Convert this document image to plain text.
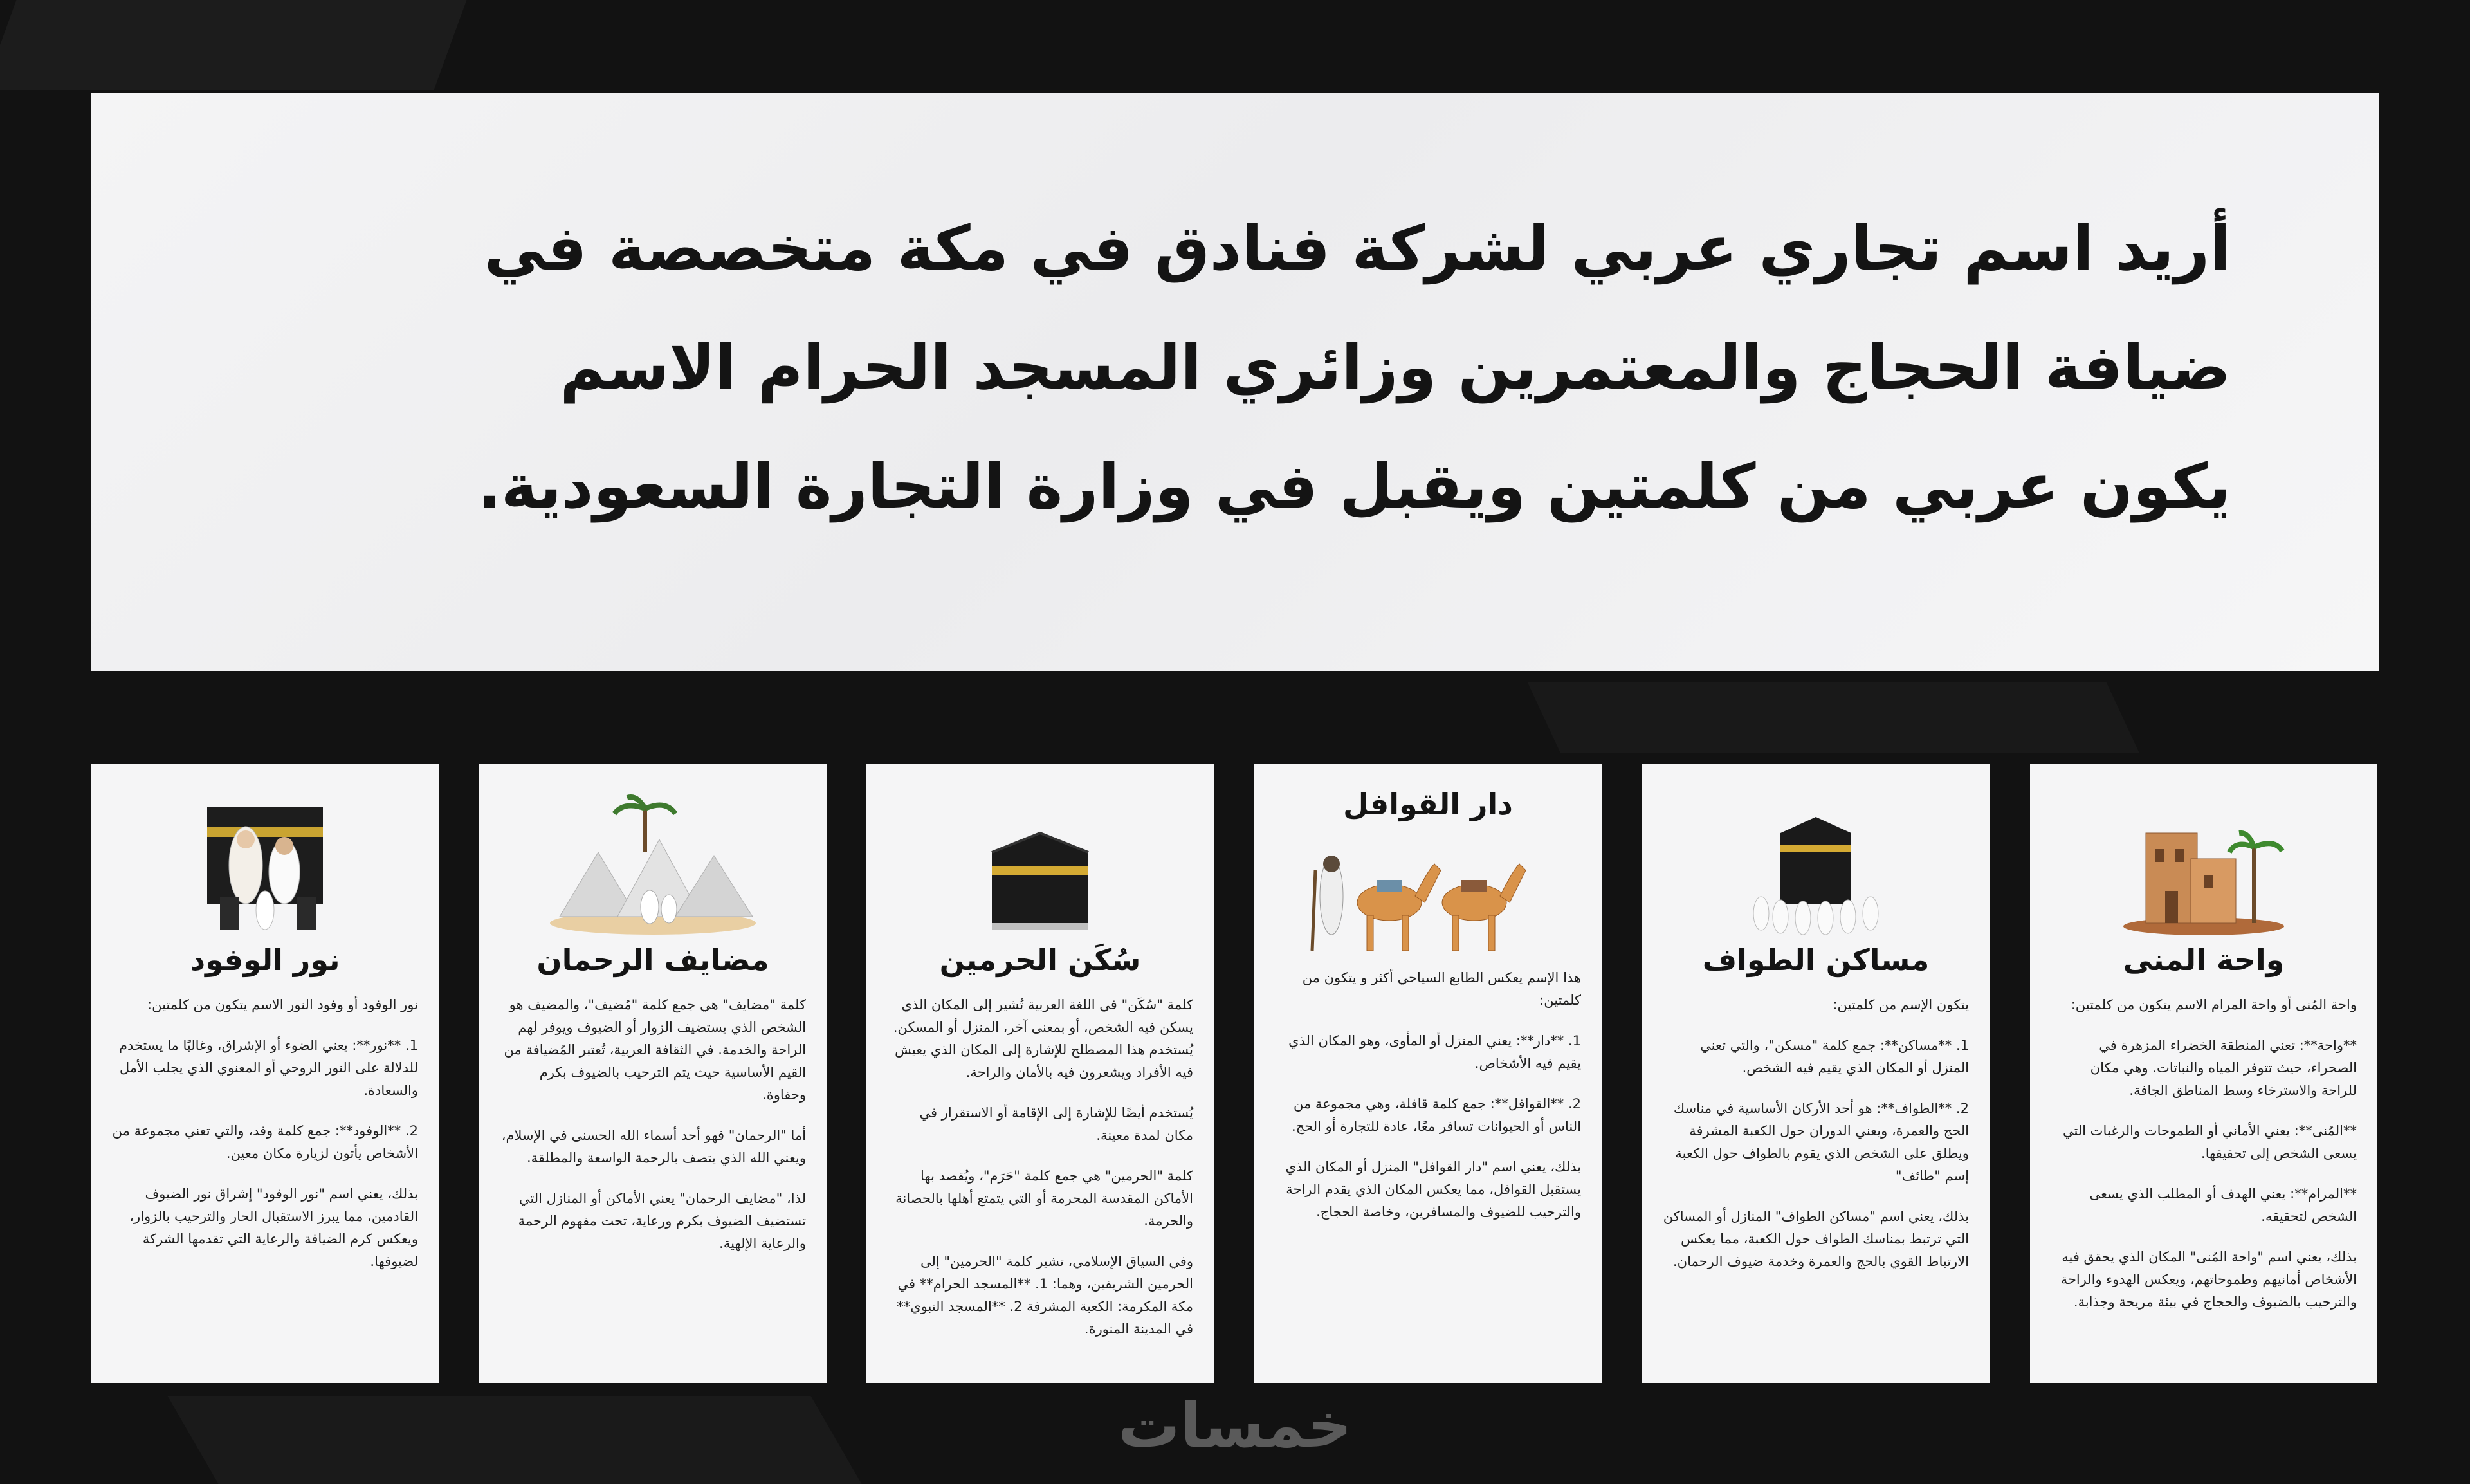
أريد اسم تجاري عربي لشركة فنادق في مكة متخصصة في

ضيافة الحجاج والمعتمرين وزائري المسجد الحرام الاسم

يكون عربي من كلمتين ويقبل في وزارة التجارة السعودية.

نور الوفود

نور الوفود أو وفود النور الاسم يتكون من كلمتين:

1. **نور**: يعني الضوء أو الإشراق، وغالبًا ما يستخدم للدلالة على النور الروحي أو المعنوي الذي يجلب الأمل والسعادة.

2. **الوفود**: جمع كلمة وفد، والتي تعني مجموعة من الأشخاص يأتون لزيارة مكان معين.

بذلك، يعني اسم "نور الوفود" إشراق نور الضيوف القادمين، مما يبرز الاستقبال الحار والترحيب بالزوار، ويعكس كرم الضيافة والرعاية التي تقدمها الشركة لضيوفها.

مضايف الرحمان

كلمة "مضايف" هي جمع كلمة "مُضيف"، والمضيف هو الشخص الذي يستضيف الزوار أو الضيوف ويوفر لهم الراحة والخدمة. في الثقافة العربية، تُعتبر المُضيافة من القيم الأساسية حيث يتم الترحيب بالضيوف بكرم وحفاوة.

أما "الرحمان" فهو أحد أسماء الله الحسنى في الإسلام، ويعني الله الذي يتصف بالرحمة الواسعة والمطلقة.

لذا، "مضايف الرحمان" يعني الأماكن أو المنازل التي تستضيف الضيوف بكرم ورعاية، تحت مفهوم الرحمة والرعاية الإلهية.

سُكَن الحرمين

كلمة "سُكَن" في اللغة العربية تُشير إلى المكان الذي يسكن فيه الشخص، أو بمعنى آخر، المنزل أو المسكن. يُستخدم هذا المصطلح للإشارة إلى المكان الذي يعيش فيه الأفراد ويشعرون فيه بالأمان والراحة.

يُستخدم أيضًا للإشارة إلى الإقامة أو الاستقرار في مكان لمدة معينة.

كلمة "الحرمين" هي جمع كلمة "حَرَم"، ويُقصد بها الأماكن المقدسة المحرمة أو التي يتمتع أهلها بالحصانة والحرمة.

وفي السياق الإسلامي، تشير كلمة "الحرمين" إلى الحرمين الشريفين، وهما: 1. **المسجد الحرام** في مكة المكرمة: الكعبة المشرفة 2. **المسجد النبوي** في المدينة المنورة.

دار القوافل

هذا الإسم يعكس الطابع السياحي أكثر و يتكون من كلمتين:

1. **دار**: يعني المنزل أو المأوى، وهو المكان الذي يقيم فيه الأشخاص.

2. **القوافل**: جمع كلمة قافلة، وهي مجموعة من الناس أو الحيوانات تسافر معًا، عادة للتجارة أو الحج.

بذلك، يعني اسم "دار القوافل" المنزل أو المكان الذي يستقبل القوافل، مما يعكس المكان الذي يقدم الراحة والترحيب للضيوف والمسافرين، وخاصة الحجاج.

مساكن الطواف

يتكون الإسم من كلمتين:

1. **مساكن**: جمع كلمة "مسكن"، والتي تعني المنزل أو المكان الذي يقيم فيه الشخص.

2. **الطواف**: هو أحد الأركان الأساسية في مناسك الحج والعمرة، ويعني الدوران حول الكعبة المشرفة ويطلق على الشخص الذي يقوم بالطواف حول الكعبة إسم "طائف"

بذلك، يعني اسم "مساكن الطواف" المنازل أو المساكن التي ترتبط بمناسك الطواف حول الكعبة، مما يعكس الارتباط القوي بالحج والعمرة وخدمة ضيوف الرحمان.

واحة المنى

واحة المُنى أو واحة المرام الاسم يتكون من كلمتين:

**واحة**: تعني المنطقة الخضراء المزهرة في الصحراء، حيث تتوفر المياه والنباتات. وهي مكان للراحة والاسترخاء وسط المناطق الجافة.

**المُنى**: يعني الأماني أو الطموحات والرغبات التي يسعى الشخص إلى تحقيقها.

**المرام**: يعني الهدف أو المطلب الذي يسعى الشخص لتحقيقه.

بذلك، يعني اسم "واحة المُنى" المكان الذي يحقق فيه الأشخاص أمانيهم وطموحاتهم، ويعكس الهدوء والراحة والترحيب بالضيوف والحجاج في بيئة مريحة وجذابة.

خمسات
